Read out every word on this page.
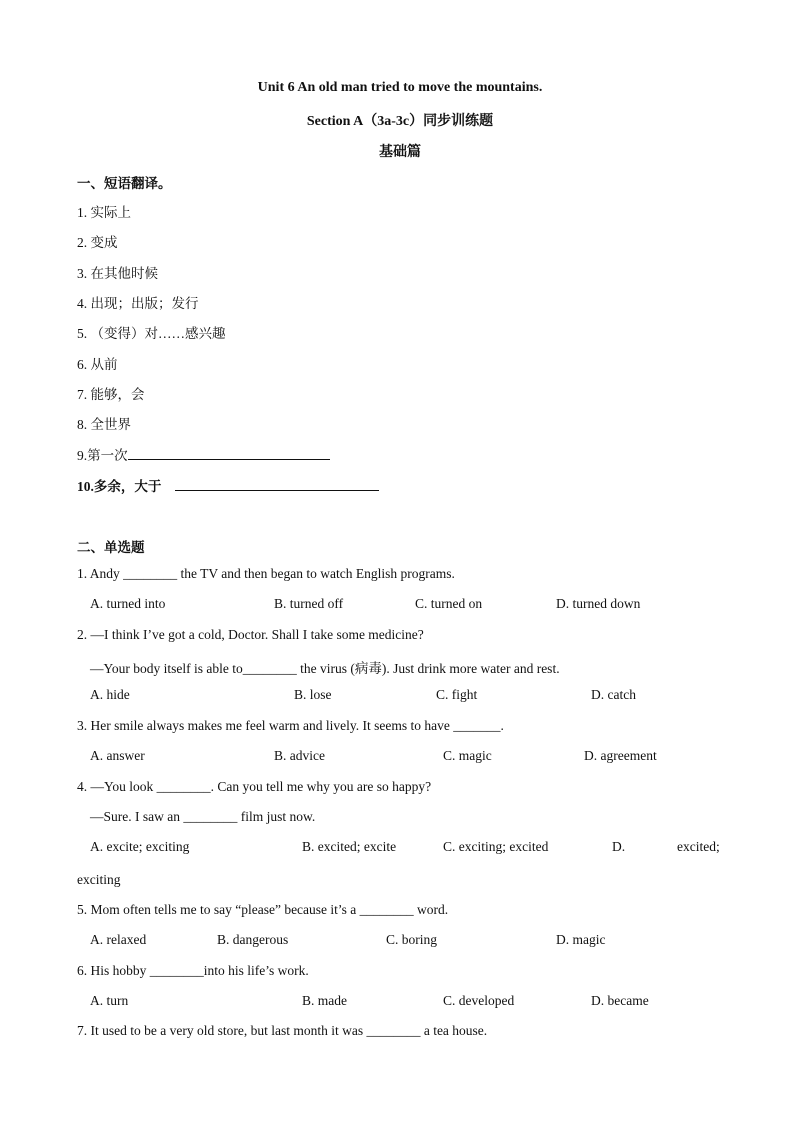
Unit 6 An old man tried to move the mountains.
Section A（3a-3c）同步训练题
基础篇
一、短语翻译。
1. 实际上
2. 变成
3. 在其他时候
4. 出现；出版；发行
5. （变得）对……感兴趣
6. 从前
7. 能够，会
8. 全世界
9.第一次
10.多余，大于
二、单选题
1. Andy ________ the TV and then began to watch English programs.
A. turned into	B. turned off	C. turned on	D. turned down
2. —I think I’ve got a cold, Doctor. Shall I take some medicine?
—Your body itself is able to________ the virus (病毒). Just drink more water and rest.
A. hide	B. lose	C. fight	D. catch
3. Her smile always makes me feel warm and lively. It seems to have _______.
A. answer	B. advice	C. magic	D. agreement
4. —You look ________. Can you tell me why you are so happy?
—Sure. I saw an ________ film just now.
A. excite; exciting	B. excited; excite	C. exciting; excited	D.	excited;
exciting
5. Mom often tells me to say “please” because it’s a ________ word.
A. relaxed	B. dangerous	C. boring	D. magic
6. His hobby ________into his life’s work.
A. turn	B. made	C. developed	D. became
7. It used to be a very old store, but last month it was ________ a tea house.
